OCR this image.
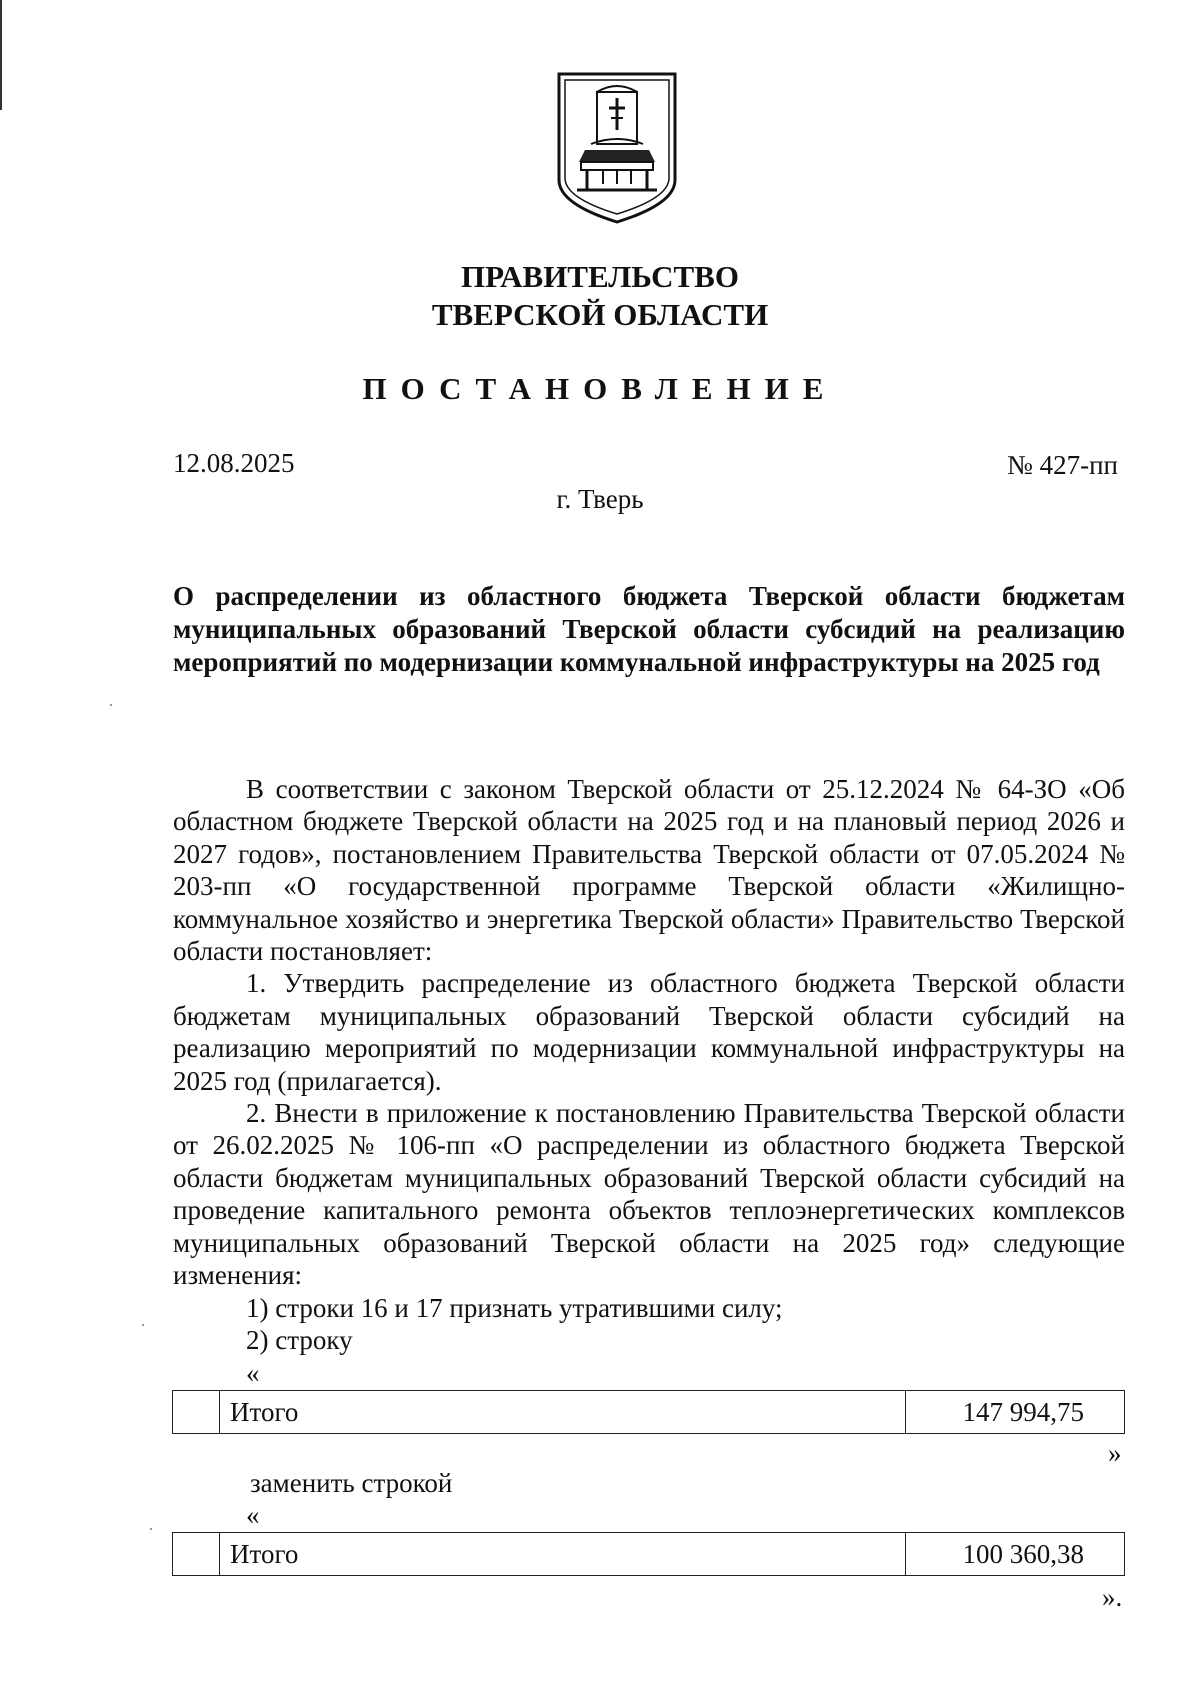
ПРАВИТЕЛЬСТВО
ТВЕРСКОЙ ОБЛАСТИ
ПОСТАНОВЛЕНИЕ
12.08.2025	№ 427-пп
г. Тверь
О распределении из областного бюджета Тверской области бюджетам муниципальных образований Тверской области субсидий на реализацию мероприятий по модернизации коммунальной инфраструктуры на 2025 год

В соответствии с законом Тверской области от 25.12.2024 № 64-ЗО «Об областном бюджете Тверской области на 2025 год и на плановый период 2026 и 2027 годов», постановлением Правительства Тверской области от 07.05.2024 № 203-пп «О государственной программе Тверской области «Жилищно-коммунальное хозяйство и энергетика Тверской области» Правительство Тверской области постановляет:

1. Утвердить распределение из областного бюджета Тверской области бюджетам муниципальных образований Тверской области субсидий на реализацию мероприятий по модернизации коммунальной инфраструктуры на 2025 год (прилагается).

2. Внести в приложение к постановлению Правительства Тверской области от 26.02.2025 № 106-пп «О распределении из областного бюджета Тверской области бюджетам муниципальных образований Тверской области субсидий на проведение капитального ремонта объектов теплоэнергетических комплексов муниципальных образований Тверской области на 2025 год» следующие изменения:

1) строки 16 и 17 признать утратившими силу;

2) строку

«
	Итого	147 994,75
»
заменить строкой
«
	Итого	100 360,38
».
